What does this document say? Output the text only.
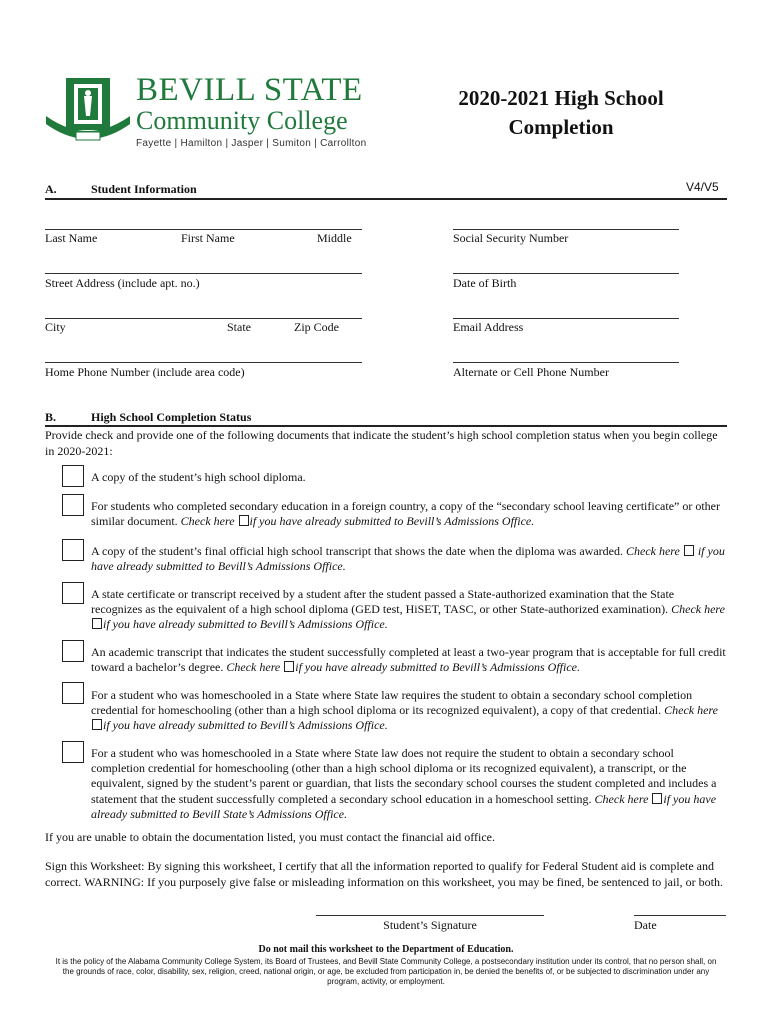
BEVILL STATE
Community College
Fayette | Hamilton | Jasper | Sumiton | Carrollton
2020-2021 High School Completion
A.	Student Information	V4/V5
Last Name	First Name	Middle	Social Security Number
Street Address (include apt. no.)	Date of Birth
City	State	Zip Code	Email Address
Home Phone Number (include area code)	Alternate or Cell Phone Number
B.	High School Completion Status
Provide check and provide one of the following documents that indicate the student’s high school completion status when you begin college in 2020-2021:
A copy of the student’s high school diploma.
For students who completed secondary education in a foreign country, a copy of the “secondary school leaving certificate” or other similar document. Check here if you have already submitted to Bevill’s Admissions Office.
A copy of the student’s final official high school transcript that shows the date when the diploma was awarded. Check here if you have already submitted to Bevill’s Admissions Office.
A state certificate or transcript received by a student after the student passed a State-authorized examination that the State recognizes as the equivalent of a high school diploma (GED test, HiSET, TASC, or other State-authorized examination). Check here if you have already submitted to Bevill’s Admissions Office.
An academic transcript that indicates the student successfully completed at least a two-year program that is acceptable for full credit toward a bachelor’s degree. Check here if you have already submitted to Bevill’s Admissions Office.
For a student who was homeschooled in a State where State law requires the student to obtain a secondary school completion credential for homeschooling (other than a high school diploma or its recognized equivalent), a copy of that credential. Check here if you have already submitted to Bevill’s Admissions Office.
For a student who was homeschooled in a State where State law does not require the student to obtain a secondary school completion credential for homeschooling (other than a high school diploma or its recognized equivalent), a transcript, or the equivalent, signed by the student’s parent or guardian, that lists the secondary school courses the student completed and includes a statement that the student successfully completed a secondary school education in a homeschool setting. Check here if you have already submitted to Bevill State’s Admissions Office.
If you are unable to obtain the documentation listed, you must contact the financial aid office.
Sign this Worksheet: By signing this worksheet, I certify that all the information reported to qualify for Federal Student aid is complete and correct. WARNING: If you purposely give false or misleading information on this worksheet, you may be fined, be sentenced to jail, or both.
Student’s Signature	Date
Do not mail this worksheet to the Department of Education.
It is the policy of the Alabama Community College System, its Board of Trustees, and Bevill State Community College, a postsecondary institution under its control, that no person shall, on the grounds of race, color, disability, sex, religion, creed, national origin, or age, be excluded from participation in, be denied the benefits of, or be subjected to discrimination under any program, activity, or employment.
